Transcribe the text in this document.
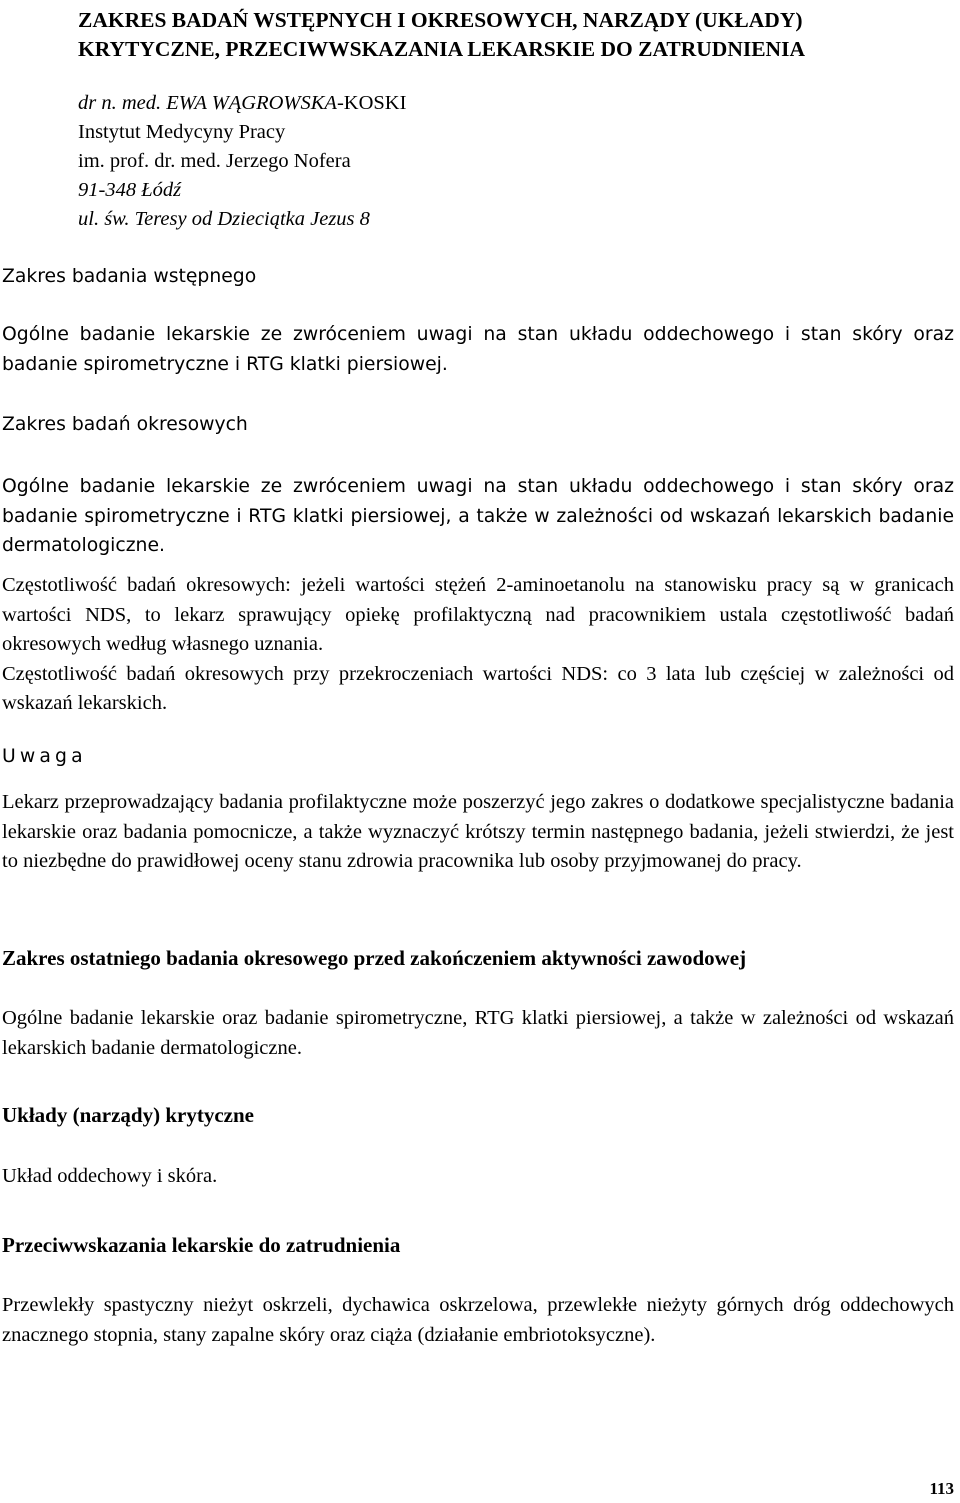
ZAKRES BADAŃ WSTĘPNYCH I OKRESOWYCH, NARZĄDY (UKŁADY)

KRYTYCZNE, PRZECIWWSKAZANIA LEKARSKIE DO ZATRUDNIENIA

dr n. med. EWA WĄGROWSKA-KOSKI
Instytut Medycyny Pracy
im. prof. dr. med. Jerzego Nofera
91-348 Łódź
ul. św. Teresy od Dzieciątka Jezus 8
Zakres badania wstępnego

Ogólne badanie lekarskie ze zwróceniem uwagi na stan układu oddechowego i stan skóry oraz badanie spirometryczne i RTG klatki piersiowej.

Zakres badań okresowych

Ogólne badanie lekarskie ze zwróceniem uwagi na stan układu oddechowego i stan skóry oraz badanie spirometryczne i RTG klatki piersiowej, a także w zależności od wskazań lekarskich badanie dermatologiczne.

Częstotliwość badań okresowych: jeżeli wartości stężeń 2-aminoetanolu na stanowisku pracy są w granicach wartości NDS, to lekarz sprawujący opiekę profilaktyczną nad pracownikiem ustala częstotliwość badań okresowych według własnego uznania.

Częstotliwość badań okresowych przy przekroczeniach wartości NDS: co 3 lata lub częściej w zależności od wskazań lekarskich.

Uwaga

Lekarz przeprowadzający badania profilaktyczne może poszerzyć jego zakres o dodatkowe specjalistyczne badania lekarskie oraz badania pomocnicze, a także wyznaczyć krótszy termin następnego badania, jeżeli stwierdzi, że jest to niezbędne do prawidłowej oceny stanu zdrowia pracownika lub osoby przyjmowanej do pracy.

Zakres ostatniego badania okresowego przed zakończeniem aktywności zawodowej

Ogólne badanie lekarskie oraz badanie spirometryczne, RTG klatki piersiowej, a także w zależności od wskazań lekarskich badanie dermatologiczne.

Układy (narządy) krytyczne

Układ oddechowy i skóra.

Przeciwwskazania lekarskie do zatrudnienia

Przewlekły spastyczny nieżyt oskrzeli, dychawica oskrzelowa, przewlekłe nieżyty górnych dróg oddechowych znacznego stopnia, stany zapalne skóry oraz ciąża (działanie embriotoksyczne).

113
